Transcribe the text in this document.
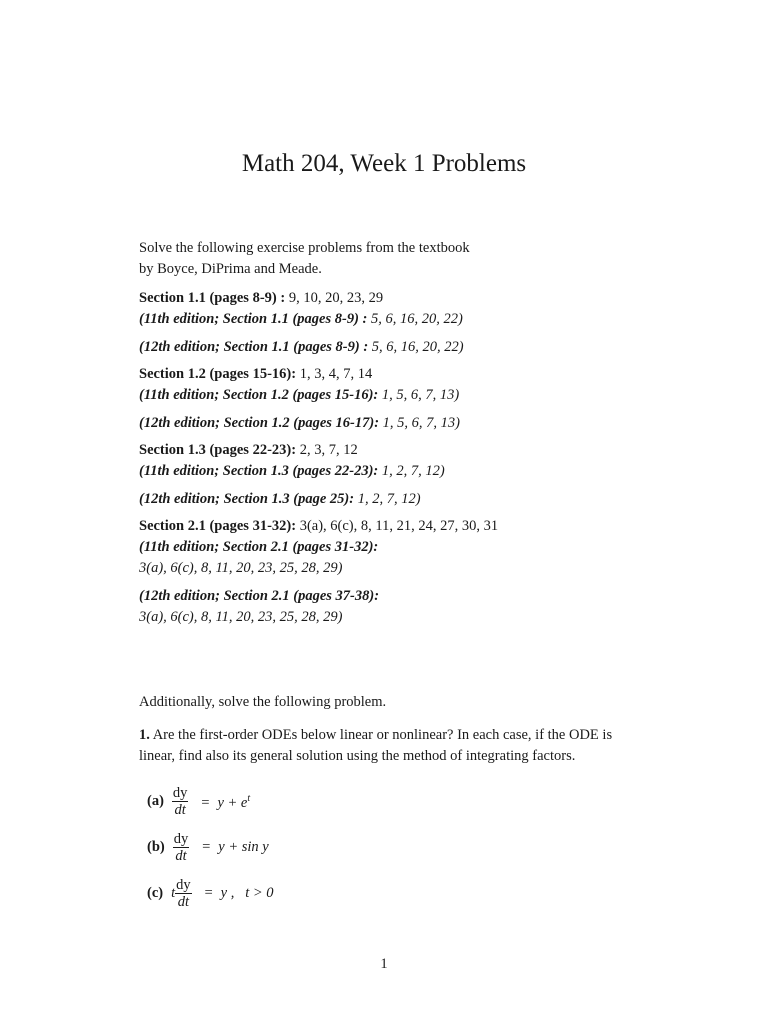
Math 204, Week 1 Problems

Solve the following exercise problems from the textbook
by Boyce, DiPrima and Meade.

Section 1.1 (pages 8-9) : 9, 10, 20, 23, 29

(11th edition; Section 1.1 (pages 8-9) : 5, 6, 16, 20, 22)

(12th edition; Section 1.1 (pages 8-9) : 5, 6, 16, 20, 22)

Section 1.2 (pages 15-16): 1, 3, 4, 7, 14

(11th edition; Section 1.2 (pages 15-16): 1, 5, 6, 7, 13)

(12th edition; Section 1.2 (pages 16-17): 1, 5, 6, 7, 13)

Section 1.3 (pages 22-23): 2, 3, 7, 12

(11th edition; Section 1.3 (pages 22-23): 1, 2, 7, 12)

(12th edition; Section 1.3 (page 25): 1, 2, 7, 12)

Section 2.1 (pages 31-32): 3(a), 6(c), 8, 11, 21, 24, 27, 30, 31

(11th edition; Section 2.1 (pages 31-32):

3(a), 6(c), 8, 11, 20, 23, 25, 28, 29)

(12th edition; Section 2.1 (pages 37-38):

3(a), 6(c), 8, 11, 20, 23, 25, 28, 29)

Additionally, solve the following problem.

1. Are the first-order ODEs below linear or nonlinear? In each case, if the ODE is linear, find also its general solution using the method of integrating factors.

$(a) \frac{dy}{dt} = y + e^t$
$(b) \frac{dy}{dt} = y + \sin y$
(c) t $\frac{dy}{dt} = y$ ,   t > 0
1
